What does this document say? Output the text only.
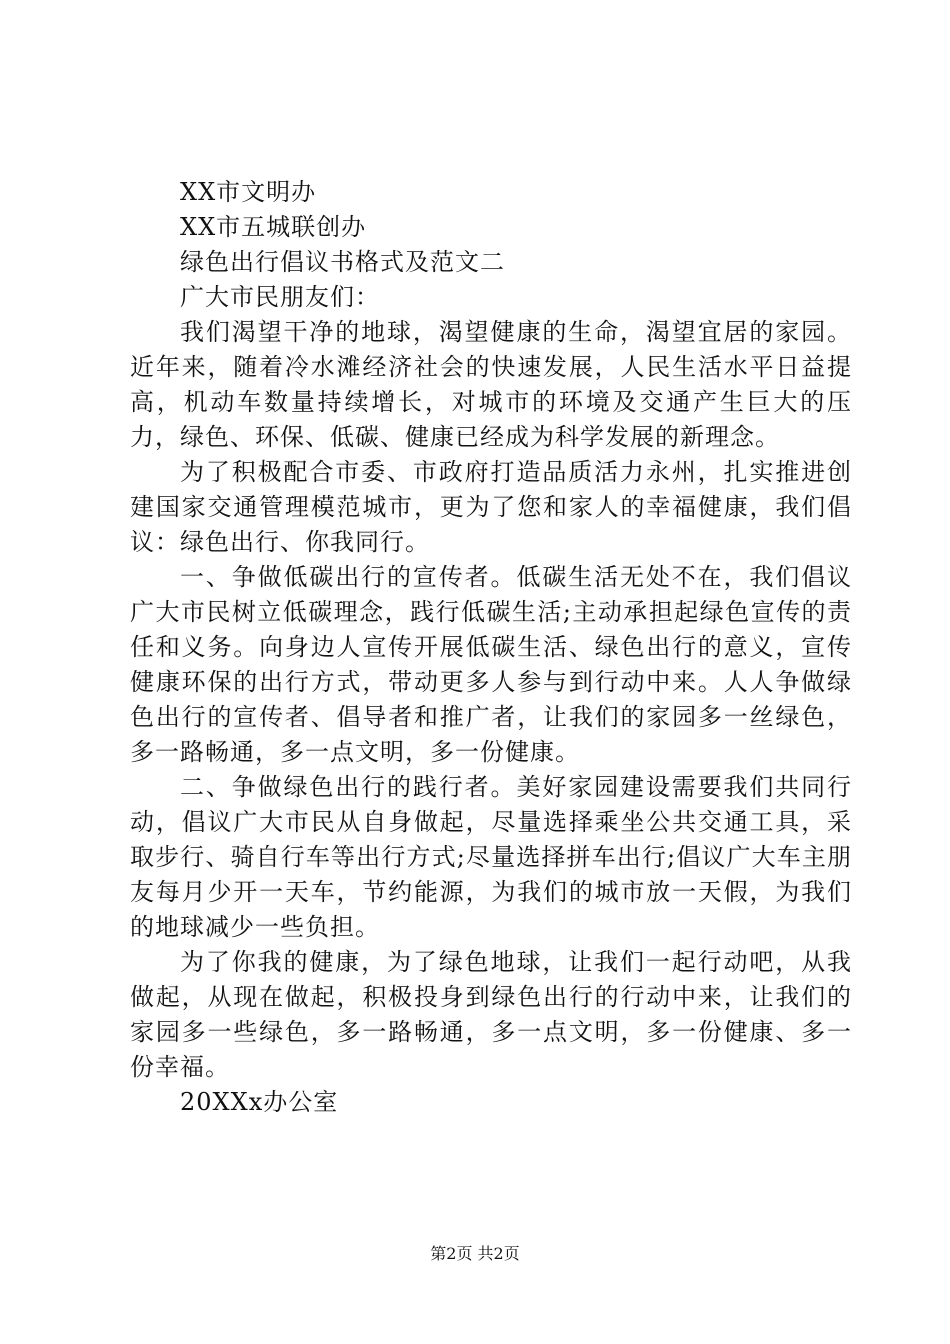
XX市文明办

XX市五城联创办

绿色出行倡议书格式及范文二

广大市民朋友们：

我们渴望干净的地球，渴望健康的生命，渴望宜居的家园。近年来，随着冷水滩经济社会的快速发展，人民生活水平日益提高，机动车数量持续增长，对城市的环境及交通产生巨大的压力，绿色、环保、低碳、健康已经成为科学发展的新理念。

为了积极配合市委、市政府打造品质活力永州，扎实推进创建国家交通管理模范城市，更为了您和家人的幸福健康，我们倡议：绿色出行、你我同行。

一、争做低碳出行的宣传者。低碳生活无处不在，我们倡议广大市民树立低碳理念，践行低碳生活;主动承担起绿色宣传的责任和义务。向身边人宣传开展低碳生活、绿色出行的意义，宣传健康环保的出行方式，带动更多人参与到行动中来。人人争做绿色出行的宣传者、倡导者和推广者，让我们的家园多一丝绿色，多一路畅通，多一点文明，多一份健康。

二、争做绿色出行的践行者。美好家园建设需要我们共同行动，倡议广大市民从自身做起，尽量选择乘坐公共交通工具，采取步行、骑自行车等出行方式;尽量选择拼车出行;倡议广大车主朋友每月少开一天车，节约能源，为我们的城市放一天假，为我们的地球减少一些负担。

为了你我的健康，为了绿色地球，让我们一起行动吧，从我做起，从现在做起，积极投身到绿色出行的行动中来，让我们的家园多一些绿色，多一路畅通，多一点文明，多一份健康、多一份幸福。

20XXx办公室

第2页 共2页
